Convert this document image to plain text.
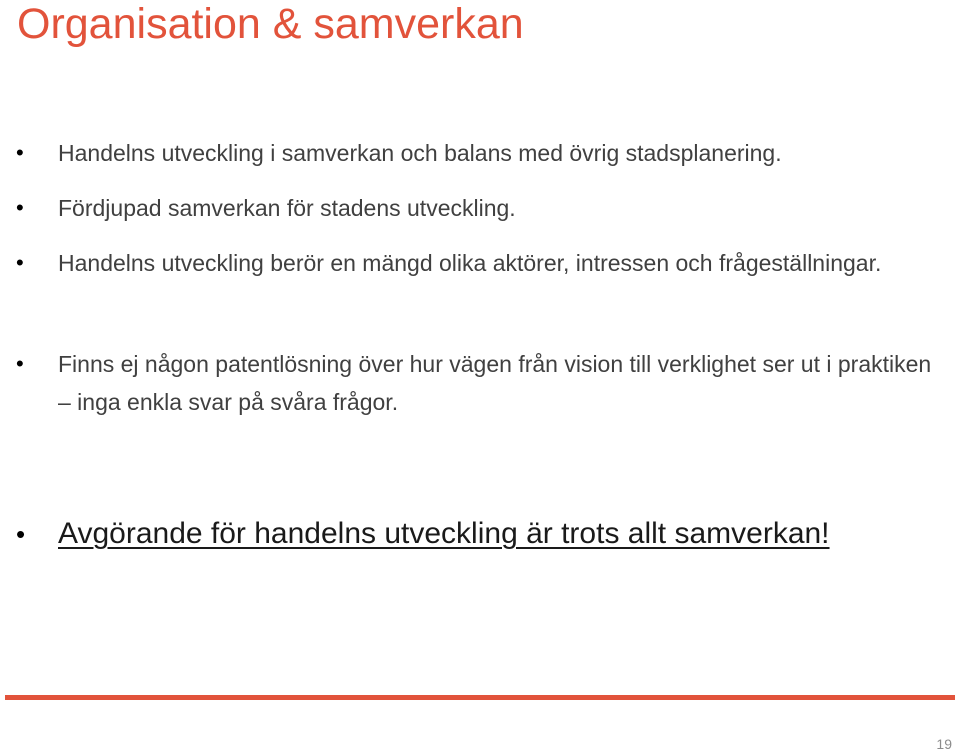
Organisation & samverkan
• Handelns utveckling i samverkan och balans med övrig stadsplanering.
• Fördjupad samverkan för stadens utveckling.
• Handelns utveckling berör en mängd olika aktörer, intressen och frågeställningar.
• Finns ej någon patentlösning över hur vägen från vision till verklighet ser ut i praktiken – inga enkla svar på svåra frågor.
• Avgörande för handelns utveckling är trots allt samverkan!
19
